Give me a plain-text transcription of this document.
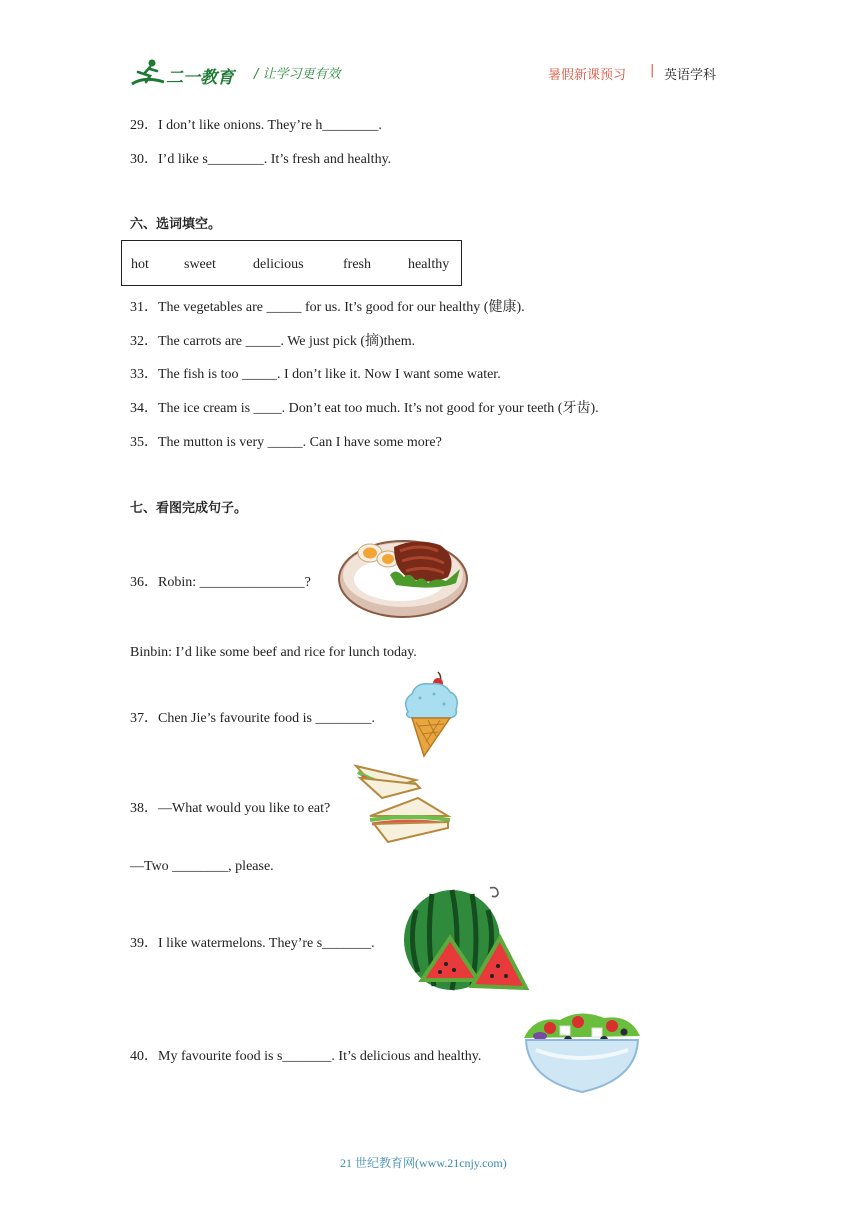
二一教育 / 让学习更有效	暑假新课预习 | 英语学科
29．I don’t like onions. They’re h________.
30．I’d like s________. It’s fresh and healthy.
六、选词填空。
hot	sweet	delicious	fresh	healthy
31．The vegetables are _____ for us. It’s good for our healthy (健康).
32．The carrots are _____. We just pick (摘)them.
33．The fish is too _____. I don’t like it. Now I want some water.
34．The ice cream is ____. Don’t eat too much. It’s not good for your teeth (牙齿).
35．The mutton is very _____. Can I have some more?
七、看图完成句子。
36．Robin: _______________?
Binbin: I’d like some beef and rice for lunch today.
37．Chen Jie’s favourite food is ________.
38．—What would you like to eat?
—Two ________, please.
39．I like watermelons. They’re s_______.
40．My favourite food is s_______. It’s delicious and healthy.
21 世纪教育网(www.21cnjy.com)
